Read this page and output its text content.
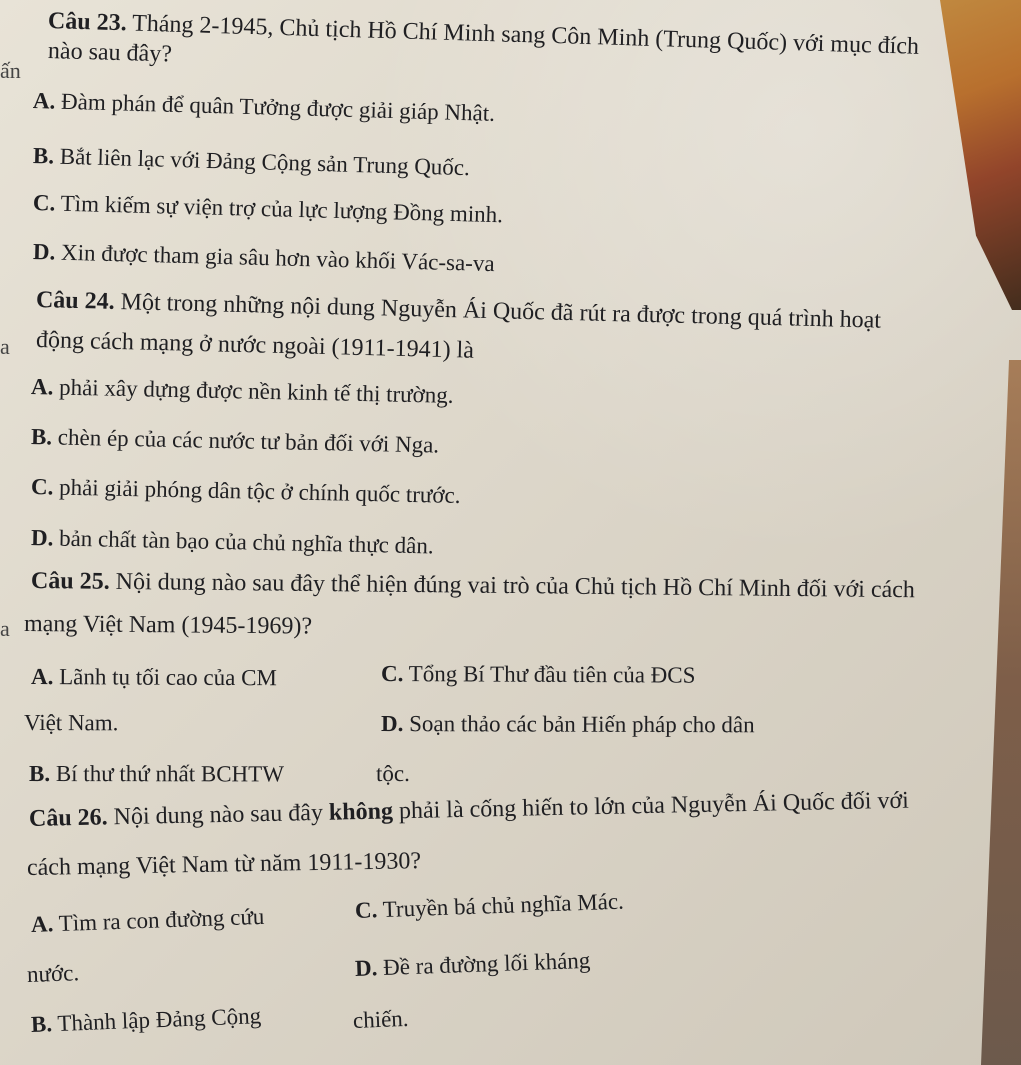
ấn
a
a
Câu 23. Tháng 2-1945, Chủ tịch Hồ Chí Minh sang Côn Minh (Trung Quốc) với mục đích
nào sau đây?
A. Đàm phán để quân Tưởng được giải giáp Nhật.
B. Bắt liên lạc với Đảng Cộng sản Trung Quốc.
C. Tìm kiếm sự viện trợ của lực lượng Đồng minh.
D. Xin được tham gia sâu hơn vào khối Vác-sa-va
Câu 24. Một trong những nội dung Nguyễn Ái Quốc đã rút ra được trong quá trình hoạt
động cách mạng ở nước ngoài (1911-1941) là
A. phải xây dựng được nền kinh tế thị trường.
B. chèn ép của các nước tư bản đối với Nga.
C. phải giải phóng dân tộc ở chính quốc trước.
D. bản chất tàn bạo của chủ nghĩa thực dân.
Câu 25. Nội dung nào sau đây thể hiện đúng vai trò của Chủ tịch Hồ Chí Minh đối với cách
mạng Việt Nam (1945-1969)?
A. Lãnh tụ tối cao của CM	C. Tổng Bí Thư đầu tiên của ĐCS
Việt Nam.	D. Soạn thảo các bản Hiến pháp cho dân
B. Bí thư thứ nhất BCHTW	tộc.
Câu 26. Nội dung nào sau đây không phải là cống hiến to lớn của Nguyễn Ái Quốc đối với
cách mạng Việt Nam từ năm 1911-1930?
A. Tìm ra con đường cứu	C. Truyền bá chủ nghĩa Mác.
nước.	D. Đề ra đường lối kháng
B. Thành lập Đảng Cộng	chiến.
